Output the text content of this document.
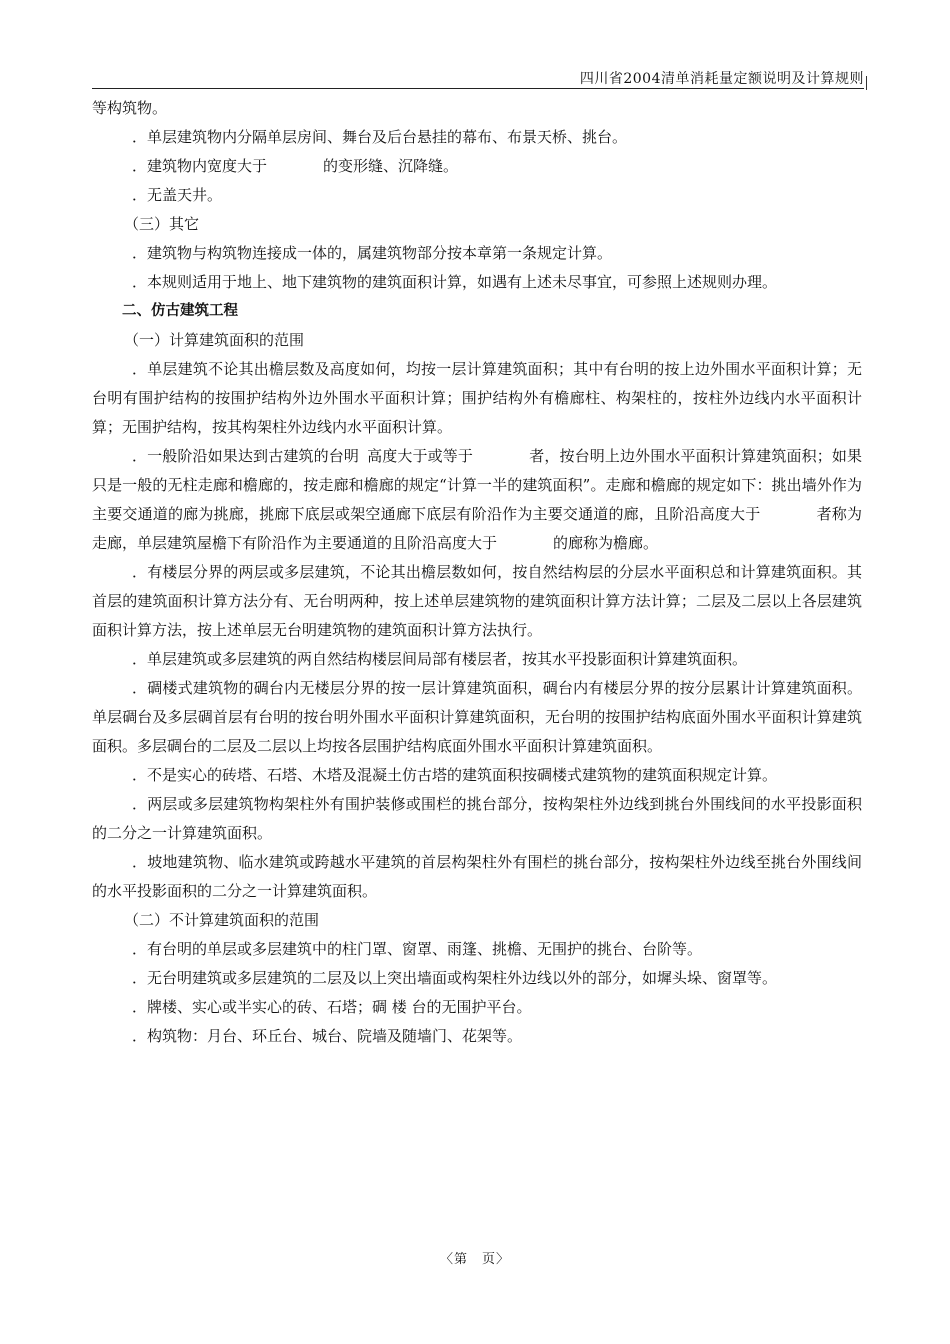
四川省2004清单消耗量定额说明及计算规则

等构筑物。

．单层建筑物内分隔单层房间、舞台及后台悬挂的幕布、布景天桥、挑台。

．建筑物内宽度大于	的变形缝、沉降缝。

．无盖天井。

（三）其它

．建筑物与构筑物连接成一体的，属建筑物部分按本章第一条规定计算。

．本规则适用于地上、地下建筑物的建筑面积计算，如遇有上述未尽事宜，可参照上述规则办理。

二、仿古建筑工程

（一）计算建筑面积的范围

．单层建筑不论其出檐层数及高度如何，均按一层计算建筑面积；其中有台明的按上边外围水平面积计算；无台明有围护结构的按围护结构外边外围水平面积计算；围护结构外有檐廊柱、构架柱的，按柱外边线内水平面积计算；无围护结构，按其构架柱外边线内水平面积计算。

．一般阶沿如果达到古建筑的台明 高度大于或等于	者，按台明上边外围水平面积计算建筑面积；如果只是一般的无柱走廊和檐廊的，按走廊和檐廊的规定“计算一半的建筑面积”。走廊和檐廊的规定如下：挑出墙外作为主要交通道的廊为挑廊，挑廊下底层或架空通廊下底层有阶沿作为主要交通道的廊，且阶沿高度大于	者称为走廊，单层建筑屋檐下有阶沿作为主要通道的且阶沿高度大于	的廊称为檐廊。

．有楼层分界的两层或多层建筑，不论其出檐层数如何，按自然结构层的分层水平面积总和计算建筑面积。其首层的建筑面积计算方法分有、无台明两种，按上述单层建筑物的建筑面积计算方法计算；二层及二层以上各层建筑面积计算方法，按上述单层无台明建筑物的建筑面积计算方法执行。

．单层建筑或多层建筑的两自然结构楼层间局部有楼层者，按其水平投影面积计算建筑面积。

．碉楼式建筑物的碉台内无楼层分界的按一层计算建筑面积，碉台内有楼层分界的按分层累计计算建筑面积。单层碉台及多层碉首层有台明的按台明外围水平面积计算建筑面积，无台明的按围护结构底面外围水平面积计算建筑面积。多层碉台的二层及二层以上均按各层围护结构底面外围水平面积计算建筑面积。

．不是实心的砖塔、石塔、木塔及混凝土仿古塔的建筑面积按碉楼式建筑物的建筑面积规定计算。

．两层或多层建筑物构架柱外有围护装修或围栏的挑台部分，按构架柱外边线到挑台外围线间的水平投影面积的二分之一计算建筑面积。

．坡地建筑物、临水建筑或跨越水平建筑的首层构架柱外有围栏的挑台部分，按构架柱外边线至挑台外围线间的水平投影面积的二分之一计算建筑面积。

（二）不计算建筑面积的范围

．有台明的单层或多层建筑中的柱门罩、窗罩、雨篷、挑檐、无围护的挑台、台阶等。

．无台明建筑或多层建筑的二层及以上突出墙面或构架柱外边线以外的部分，如墀头垛、窗罩等。

．牌楼、实心或半实心的砖、石塔；碉 楼 台的无围护平台。

．构筑物：月台、环丘台、城台、院墙及随墙门、花架等。

〈第　页〉
